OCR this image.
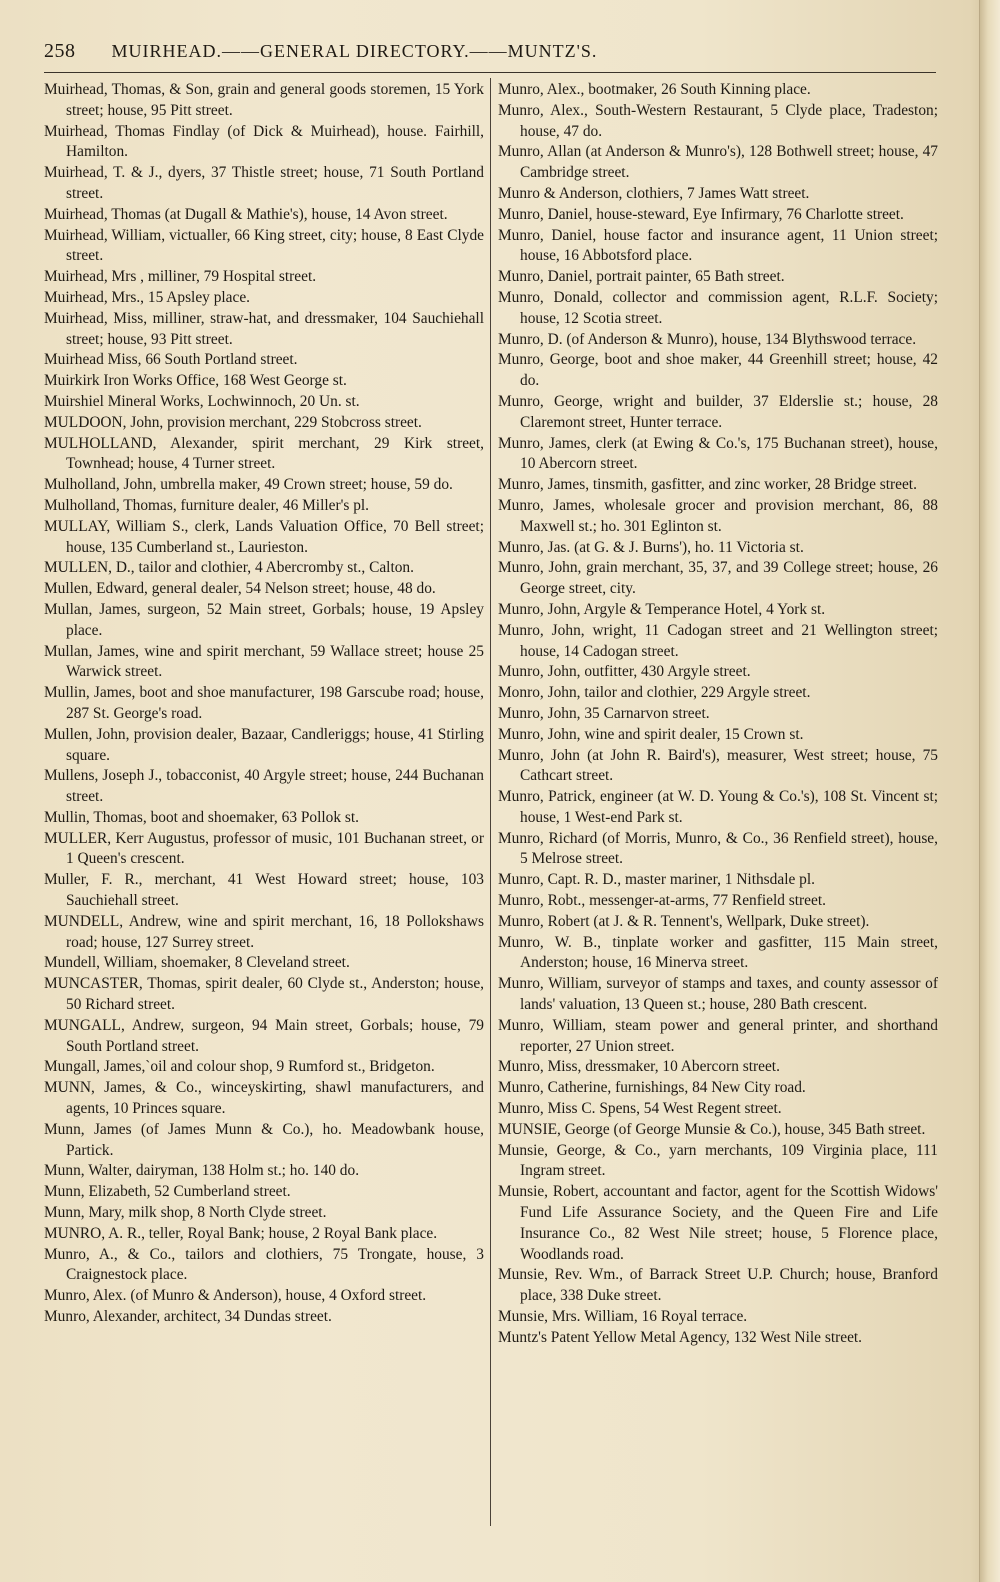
258 MUIRHEAD.——GENERAL DIRECTORY.——MUNTZ'S.

Muirhead, Thomas, & Son, grain and general goods storemen, 15 York street; house, 95 Pitt street.

Muirhead, Thomas Findlay (of Dick & Muirhead), house. Fairhill, Hamilton.

Muirhead, T. & J., dyers, 37 Thistle street; house, 71 South Portland street.

Muirhead, Thomas (at Dugall & Mathie's), house, 14 Avon street.

Muirhead, William, victualler, 66 King street, city; house, 8 East Clyde street.

Muirhead, Mrs , milliner, 79 Hospital street.

Muirhead, Mrs., 15 Apsley place.

Muirhead, Miss, milliner, straw-hat, and dressmaker, 104 Sauchiehall street; house, 93 Pitt street.

Muirhead Miss, 66 South Portland street.

Muirkirk Iron Works Office, 168 West George st.

Muirshiel Mineral Works, Lochwinnoch, 20 Un. st.

MULDOON, John, provision merchant, 229 Stobcross street.

MULHOLLAND, Alexander, spirit merchant, 29 Kirk street, Townhead; house, 4 Turner street.

Mulholland, John, umbrella maker, 49 Crown street; house, 59 do.

Mulholland, Thomas, furniture dealer, 46 Miller's pl.

MULLAY, William S., clerk, Lands Valuation Office, 70 Bell street; house, 135 Cumberland st., Laurieston.

MULLEN, D., tailor and clothier, 4 Abercromby st., Calton.

Mullen, Edward, general dealer, 54 Nelson street; house, 48 do.

Mullan, James, surgeon, 52 Main street, Gorbals; house, 19 Apsley place.

Mullan, James, wine and spirit merchant, 59 Wallace street; house 25 Warwick street.

Mullin, James, boot and shoe manufacturer, 198 Garscube road; house, 287 St. George's road.

Mullen, John, provision dealer, Bazaar, Candleriggs; house, 41 Stirling square.

Mullens, Joseph J., tobacconist, 40 Argyle street; house, 244 Buchanan street.

Mullin, Thomas, boot and shoemaker, 63 Pollok st.

MULLER, Kerr Augustus, professor of music, 101 Buchanan street, or 1 Queen's crescent.

Muller, F. R., merchant, 41 West Howard street; house, 103 Sauchiehall street.

MUNDELL, Andrew, wine and spirit merchant, 16, 18 Pollokshaws road; house, 127 Surrey street.

Mundell, William, shoemaker, 8 Cleveland street.

MUNCASTER, Thomas, spirit dealer, 60 Clyde st., Anderston; house, 50 Richard street.

MUNGALL, Andrew, surgeon, 94 Main street, Gorbals; house, 79 South Portland street.

Mungall, James,`oil and colour shop, 9 Rumford st., Bridgeton.

MUNN, James, & Co., winceyskirting, shawl manufacturers, and agents, 10 Princes square.

Munn, James (of James Munn & Co.), ho. Meadowbank house, Partick.

Munn, Walter, dairyman, 138 Holm st.; ho. 140 do.

Munn, Elizabeth, 52 Cumberland street.

Munn, Mary, milk shop, 8 North Clyde street.

MUNRO, A. R., teller, Royal Bank; house, 2 Royal Bank place.

Munro, A., & Co., tailors and clothiers, 75 Trongate, house, 3 Craignestock place.

Munro, Alex. (of Munro & Anderson), house, 4 Oxford street.

Munro, Alexander, architect, 34 Dundas street.

Munro, Alex., bootmaker, 26 South Kinning place.

Munro, Alex., South-Western Restaurant, 5 Clyde place, Tradeston; house, 47 do.

Munro, Allan (at Anderson & Munro's), 128 Bothwell street; house, 47 Cambridge street.

Munro & Anderson, clothiers, 7 James Watt street.

Munro, Daniel, house-steward, Eye Infirmary, 76 Charlotte street.

Munro, Daniel, house factor and insurance agent, 11 Union street; house, 16 Abbotsford place.

Munro, Daniel, portrait painter, 65 Bath street.

Munro, Donald, collector and commission agent, R.L.F. Society; house, 12 Scotia street.

Munro, D. (of Anderson & Munro), house, 134 Blythswood terrace.

Munro, George, boot and shoe maker, 44 Greenhill street; house, 42 do.

Munro, George, wright and builder, 37 Elderslie st.; house, 28 Claremont street, Hunter terrace.

Munro, James, clerk (at Ewing & Co.'s, 175 Buchanan street), house, 10 Abercorn street.

Munro, James, tinsmith, gasfitter, and zinc worker, 28 Bridge street.

Munro, James, wholesale grocer and provision merchant, 86, 88 Maxwell st.; ho. 301 Eglinton st.

Munro, Jas. (at G. & J. Burns'), ho. 11 Victoria st.

Munro, John, grain merchant, 35, 37, and 39 College street; house, 26 George street, city.

Munro, John, Argyle & Temperance Hotel, 4 York st.

Munro, John, wright, 11 Cadogan street and 21 Wellington street; house, 14 Cadogan street.

Munro, John, outfitter, 430 Argyle street.

Monro, John, tailor and clothier, 229 Argyle street.

Munro, John, 35 Carnarvon street.

Munro, John, wine and spirit dealer, 15 Crown st.

Munro, John (at John R. Baird's), measurer, West street; house, 75 Cathcart street.

Munro, Patrick, engineer (at W. D. Young & Co.'s), 108 St. Vincent st; house, 1 West-end Park st.

Munro, Richard (of Morris, Munro, & Co., 36 Renfield street), house, 5 Melrose street.

Munro, Capt. R. D., master mariner, 1 Nithsdale pl.

Munro, Robt., messenger-at-arms, 77 Renfield street.

Munro, Robert (at J. & R. Tennent's, Wellpark, Duke street).

Munro, W. B., tinplate worker and gasfitter, 115 Main street, Anderston; house, 16 Minerva street.

Munro, William, surveyor of stamps and taxes, and county assessor of lands' valuation, 13 Queen st.; house, 280 Bath crescent.

Munro, William, steam power and general printer, and shorthand reporter, 27 Union street.

Munro, Miss, dressmaker, 10 Abercorn street.

Munro, Catherine, furnishings, 84 New City road.

Munro, Miss C. Spens, 54 West Regent street.

MUNSIE, George (of George Munsie & Co.), house, 345 Bath street.

Munsie, George, & Co., yarn merchants, 109 Virginia place, 111 Ingram street.

Munsie, Robert, accountant and factor, agent for the Scottish Widows' Fund Life Assurance Society, and the Queen Fire and Life Insurance Co., 82 West Nile street; house, 5 Florence place, Woodlands road.

Munsie, Rev. Wm., of Barrack Street U.P. Church; house, Branford place, 338 Duke street.

Munsie, Mrs. William, 16 Royal terrace.

Muntz's Patent Yellow Metal Agency, 132 West Nile street.
